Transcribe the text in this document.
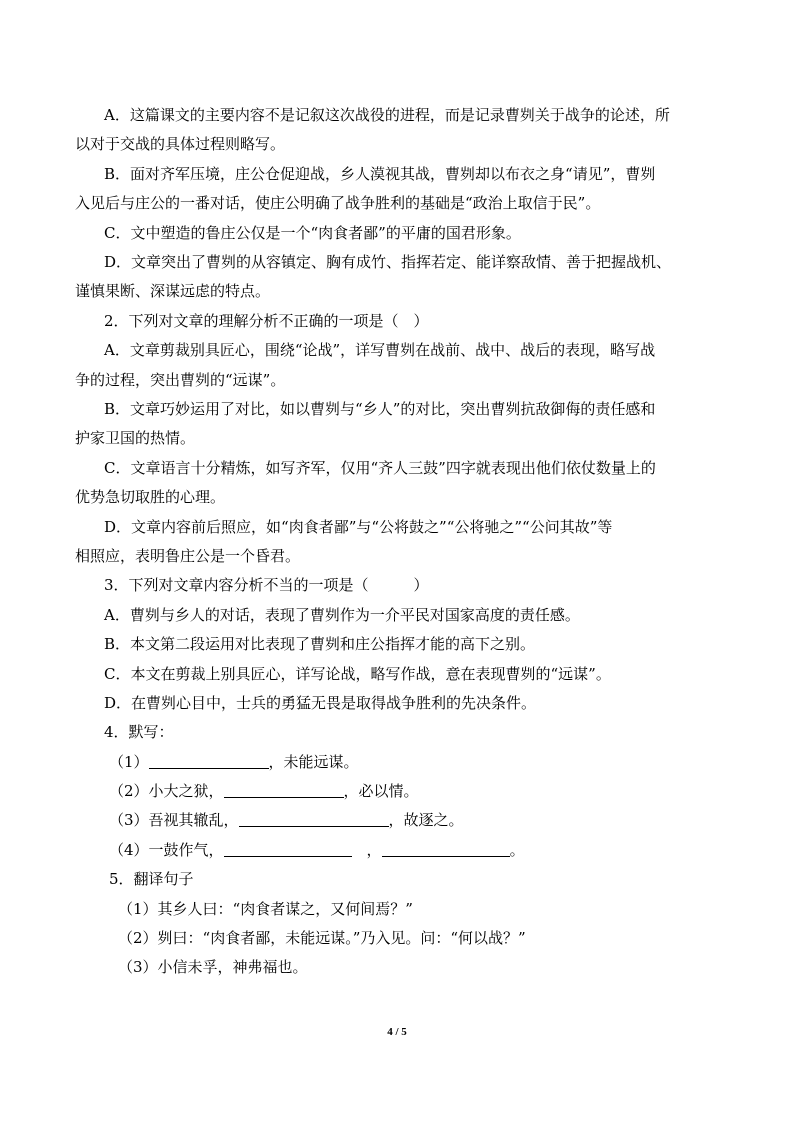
A．这篇课文的主要内容不是记叙这次战役的进程，而是记录曹刿关于战争的论述，所
以对于交战的具体过程则略写。
B．面对齐军压境，庄公仓促迎战，乡人漠视其战，曹刿却以布衣之身“请见”，曹刿
入见后与庄公的一番对话，使庄公明确了战争胜利的基础是“政治上取信于民”。
C．文中塑造的鲁庄公仅是一个“肉食者鄙”的平庸的国君形象。
D．文章突出了曹刿的从容镇定、胸有成竹、指挥若定、能详察敌情、善于把握战机、
谨慎果断、深谋远虑的特点。
2．下列对文章的理解分析不正确的一项是（　）
A．文章剪裁别具匠心，围绕“论战”，详写曹刿在战前、战中、战后的表现，略写战
争的过程，突出曹刿的“远谋”。
B．文章巧妙运用了对比，如以曹刿与“乡人”的对比，突出曹刿抗敌御侮的责任感和
护家卫国的热情。
C．文章语言十分精炼，如写齐军，仅用“齐人三鼓”四字就表现出他们依仗数量上的
优势急切取胜的心理。
D．文章内容前后照应，如“肉食者鄙”与“公将鼓之”“公将驰之”“公问其故”等
相照应，表明鲁庄公是一个昏君。
3．下列对文章内容分析不当的一项是（　　　）
A．曹刿与乡人的对话，表现了曹刿作为一介平民对国家高度的责任感。
B．本文第二段运用对比表现了曹刿和庄公指挥才能的高下之别。
C．本文在剪裁上别具匠心，详写论战，略写作战，意在表现曹刿的“远谋”。
D．在曹刿心目中，士兵的勇猛无畏是取得战争胜利的先决条件。
4．默写：
（1）	，未能远谋。
（2）小大之狱，	，必以情。
（3）吾视其辙乱，	，故逐之。
（4）一鼓作气，	　，	。
5．翻译句子
（1）其乡人曰：“肉食者谋之，又何间焉？”
（2）刿曰：“肉食者鄙，未能远谋。”乃入见。问：“何以战？”
（3）小信未孚，神弗福也。
4 / 5
